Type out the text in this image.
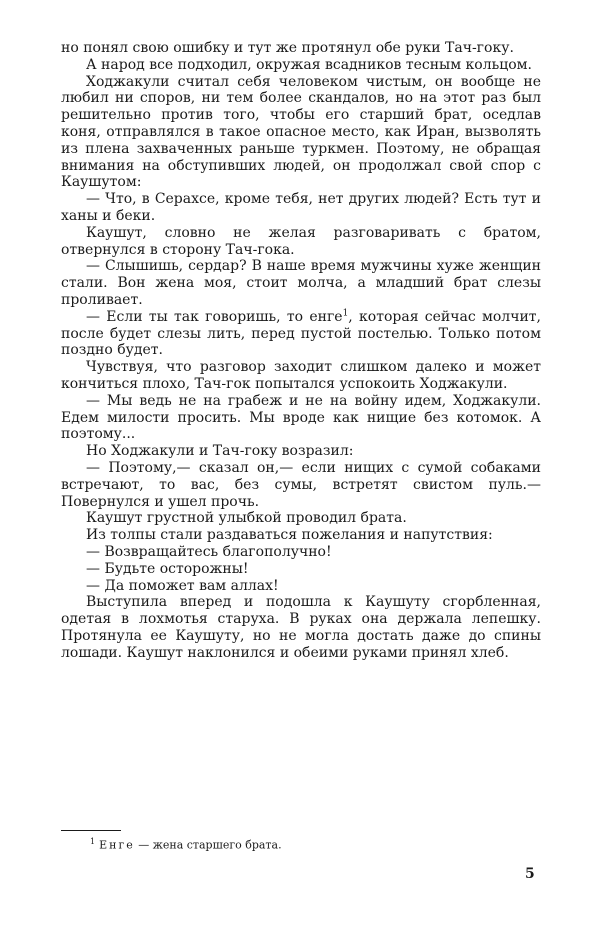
но понял свою ошибку и тут же протянул обе руки Тач-гоку.

А народ все подходил, окружая всадников тесным кольцом.

Ходжакули считал себя человеком чистым, он вообще не любил ни споров, ни тем более скандалов, но на этот раз был решительно против того, чтобы его старший брат, оседлав коня, отправлялся в такое опасное место, как Иран, вызволять из плена захваченных раньше туркмен. Поэтому, не обращая внимания на обступивших людей, он продолжал свой спор с Каушутом:

— Что, в Серахсе, кроме тебя, нет других людей? Есть тут и ханы и беки.

Каушут, словно не желая разговаривать с братом, отвернулся в сторону Тач-гока.

— Слышишь, сердар? В наше время мужчины хуже женщин стали. Вон жена моя, стоит молча, а младший брат слезы проливает.

— Если ты так говоришь, то енге$^1$, которая сейчас молчит, после будет слезы лить, перед пустой постелью. Только потом поздно будет.

Чувствуя, что разговор заходит слишком далеко и может кончиться плохо, Тач-гок попытался успокоить Ходжакули.

— Мы ведь не на грабеж и не на войну идем, Ходжакули. Едем милости просить. Мы вроде как нищие без котомок. А поэтому...

Но Ходжакули и Тач-гоку возразил:

— Поэтому,— сказал он,— если нищих с сумой собаками встречают, то вас, без сумы, встретят свистом пуль.— Повернулся и ушел прочь.

Каушут грустной улыбкой проводил брата.

Из толпы стали раздаваться пожелания и напутствия:

— Возвращайтесь благополучно!

— Будьте осторожны!

— Да поможет вам аллах!

Выступила вперед и подошла к Каушуту сгорбленная, одетая в лохмотья старуха. В руках она держала лепешку. Протянула ее Каушуту, но не могла достать даже до спины лошади. Каушут наклонился и обеими руками принял хлеб.

$^1$ Енге — жена старшего брата.
5
